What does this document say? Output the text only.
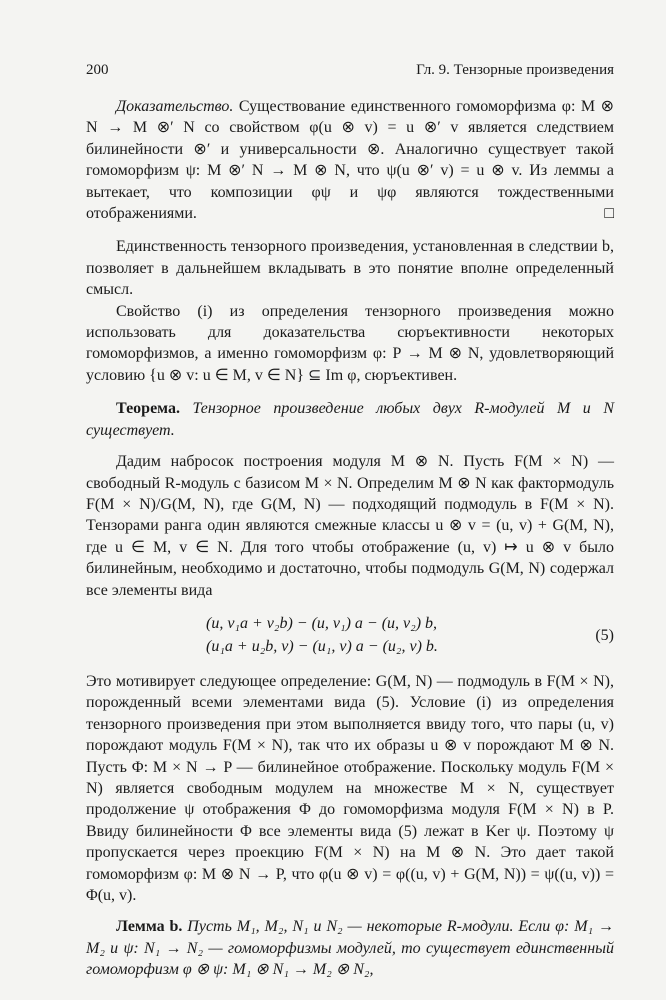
200	Гл. 9. Тензорные произведения

Доказательство. Существование единственного гомоморфизма φ: M ⊗ N → M ⊗′ N со свойством φ(u ⊗ v) = u ⊗′ v является следствием билинейности ⊗′ и универсальности ⊗. Аналогично существует такой гомоморфизм ψ: M ⊗′ N → M ⊗ N, что ψ(u ⊗′ v) = u ⊗ v. Из леммы a вытекает, что композиции φψ и ψφ являются тождественными отображениями.	□

Единственность тензорного произведения, установленная в следствии b, позволяет в дальнейшем вкладывать в это понятие вполне определенный смысл.

Свойство (i) из определения тензорного произведения можно использовать для доказательства сюръективности некоторых гомоморфизмов, а именно гомоморфизм φ: P → M ⊗ N, удовлетворяющий условию {u ⊗ v: u ∈ M, v ∈ N} ⊆ Im φ, сюръективен.

Теорема. Тензорное произведение любых двух R-модулей M и N существует.

Дадим набросок построения модуля M ⊗ N. Пусть F(M × N) — свободный R-модуль с базисом M × N. Определим M ⊗ N как фактормодуль F(M × N)/G(M, N), где G(M, N) — подходящий подмодуль в F(M × N). Тензорами ранга один являются смежные классы u ⊗ v = (u, v) + G(M, N), где u ∈ M, v ∈ N. Для того чтобы отображение (u, v) ↦ u ⊗ v было билинейным, необходимо и достаточно, чтобы подмодуль G(M, N) содержал все элементы вида

(u, v₁a + v₂b) − (u, v₁) a − (u, v₂) b,
(u₁a + u₂b, v) − (u₁, v) a − (u₂, v) b.
(5)

Это мотивирует следующее определение: G(M, N) — подмодуль в F(M × N), порожденный всеми элементами вида (5). Условие (i) из определения тензорного произведения при этом выполняется ввиду того, что пары (u, v) порождают модуль F(M × N), так что их образы u ⊗ v порождают M ⊗ N. Пусть Φ: M × N → P — билинейное отображение. Поскольку модуль F(M × N) является свободным модулем на множестве M × N, существует продолжение ψ отображения Φ до гомоморфизма модуля F(M × N) в P. Ввиду билинейности Φ все элементы вида (5) лежат в Ker ψ. Поэтому ψ пропускается через проекцию F(M × N) на M ⊗ N. Это дает такой гомоморфизм φ: M ⊗ N → P, что φ(u ⊗ v) = φ((u, v) + G(M, N)) = ψ((u, v)) = Φ(u, v).

Лемма b. Пусть M₁, M₂, N₁ и N₂ — некоторые R-модули. Если φ: M₁ → M₂ и ψ: N₁ → N₂ — гомоморфизмы модулей, то существует единственный гомоморфизм φ ⊗ ψ: M₁ ⊗ N₁ → M₂ ⊗ N₂,
